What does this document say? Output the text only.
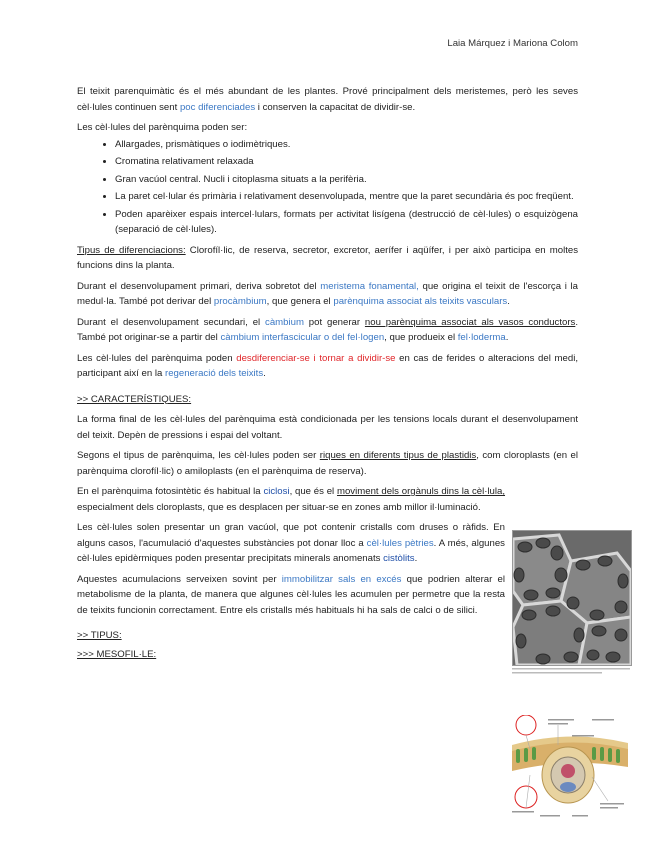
Laia Márquez i Mariona Colom

El teixit parenquimàtic és el més abundant de les plantes. Prové principalment dels meristemes, però les seves cèl·lules continuen sent poc diferenciades i conserven la capacitat de dividir-se.

Les cèl·lules del parènquima poden ser:

• Allargades, prismàtiques o iodimètriques.
• Cromatina relativament relaxada
• Gran vacúol central. Nucli i citoplasma situats a la perifèria.
• La paret cel·lular és primària i relativament desenvolupada, mentre que la paret secundària és poc freqüent.
• Poden aparèixer espais intercel·lulars, formats per activitat lisígena (destrucció de cèl·lules) o esquizògena (separació de cèl·lules).

Tipus de diferenciacions: Clorofíl·lic, de reserva, secretor, excretor, aerífer i aqüífer, i per això participa en moltes funcions dins la planta.

Durant el desenvolupament primari, deriva sobretot del meristema fonamental, que origina el teixit de l'escorça i la medul·la. També pot derivar del procàmbium, que genera el parènquima associat als teixits vasculars.

Durant el desenvolupament secundari, el càmbium pot generar nou parènquima associat als vasos conductors. També pot originar-se a partir del càmbium interfascicular o del fel·logen, que produeix el fel·loderma.

Les cèl·lules del parènquima poden desdiferenciar-se i tornar a dividir-se en cas de ferides o alteracions del medi, participant així en la regeneració dels teixits.

>> CARACTERÍSTIQUES:

La forma final de les cèl·lules del parènquima està condicionada per les tensions locals durant el desenvolupament del teixit. Depèn de pressions i espai del voltant.

Segons el tipus de parènquima, les cèl·lules poden ser riques en diferents tipus de plastidis, com cloroplasts (en el parènquima clorofíl·lic) o amiloplasts (en el parènquima de reserva).

En el parènquima fotosintètic és habitual la ciclosi, que és el moviment dels orgànuls dins la cèl·lula, especialment dels cloroplasts, que es desplacen per situar-se en zones amb millor il·luminació.

Les cèl·lules solen presentar un gran vacúol, que pot contenir cristalls com druses o ràfids. En alguns casos, l'acumulació d'aquestes substàncies pot donar lloc a cèl·lules pètries. A més, algunes cèl·lules epidèrmiques poden presentar precipitats minerals anomenats cistòlits.

Aquestes acumulacions serveixen sovint per immobilitzar sals en excés que podrien alterar el metabolisme de la planta, de manera que algunes cèl·lules les acumulen per permetre que la resta de teixits funcionin correctament. Entre els cristalls més habituals hi ha sals de calci o de silici.

>> TIPUS:
>>> MESOFIL·LE:
